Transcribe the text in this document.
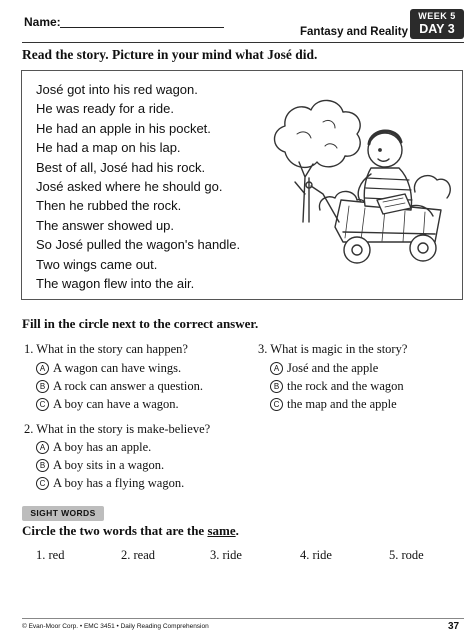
Name:
Fantasy and Reality
WEEK 5
DAY 3
Read the story. Picture in your mind what José did.
José got into his red wagon.
He was ready for a ride.
He had an apple in his pocket.
He had a map on his lap.
Best of all, José had his rock.
José asked where he should go.
Then he rubbed the rock.
The answer showed up.
So José pulled the wagon's handle.
Two wings came out.
The wagon flew into the air.
Fill in the circle next to the correct answer.
1. What in the story can happen?
A A wagon can have wings.
B A rock can answer a question.
C A boy can have a wagon.
3. What is magic in the story?
A José and the apple
B the rock and the wagon
C the map and the apple
2. What in the story is make-believe?
A A boy has an apple.
B A boy sits in a wagon.
C A boy has a flying wagon.
SIGHT WORDS
Circle the two words that are the same.
1. red	2. read	3. ride	4. ride	5. rode
© Evan-Moor Corp. • EMC 3451 • Daily Reading Comprehension	37
